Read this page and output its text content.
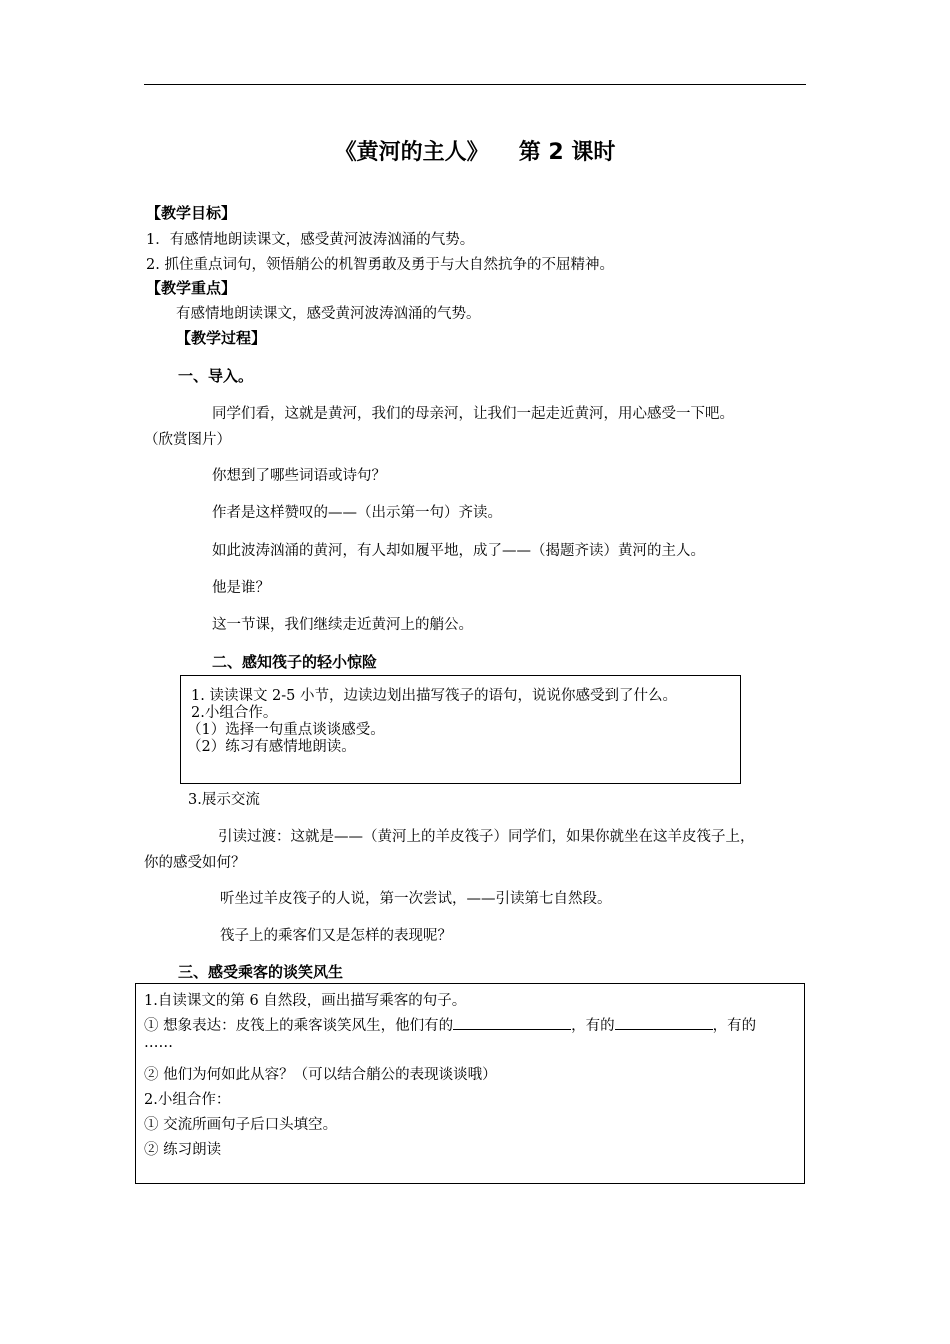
《黄河的主人》 第 2 课时
【教学目标】
1．有感情地朗读课文，感受黄河波涛汹涌的气势。
2. 抓住重点词句，领悟艄公的机智勇敢及勇于与大自然抗争的不屈精神。
【教学重点】
有感情地朗读课文，感受黄河波涛汹涌的气势。
【教学过程】
一、导入。
同学们看，这就是黄河，我们的母亲河，让我们一起走近黄河，用心感受一下吧。
（欣赏图片）
你想到了哪些词语或诗句？
作者是这样赞叹的——（出示第一句）齐读。
如此波涛汹涌的黄河，有人却如履平地，成了——（揭题齐读）黄河的主人。
他是谁？
这一节课，我们继续走近黄河上的艄公。
二、感知筏子的轻小惊险
1. 读读课文 2-5 小节，边读边划出描写筏子的语句，说说你感受到了什么。
2.小组合作。
（1）选择一句重点谈谈感受。
（2）练习有感情地朗读。
3.展示交流
引读过渡：这就是——（黄河上的羊皮筏子）同学们，如果你就坐在这羊皮筏子上，
你的感受如何？
听坐过羊皮筏子的人说，第一次尝试，——引读第七自然段。
筏子上的乘客们又是怎样的表现呢？
三、感受乘客的谈笑风生
1.自读课文的第 6 自然段，画出描写乘客的句子。
① 想象表达：皮筏上的乘客谈笑风生，他们有的	，有的	，有的
……
② 他们为何如此从容？（可以结合艄公的表现谈谈哦）
2.小组合作：
① 交流所画句子后口头填空。
② 练习朗读
